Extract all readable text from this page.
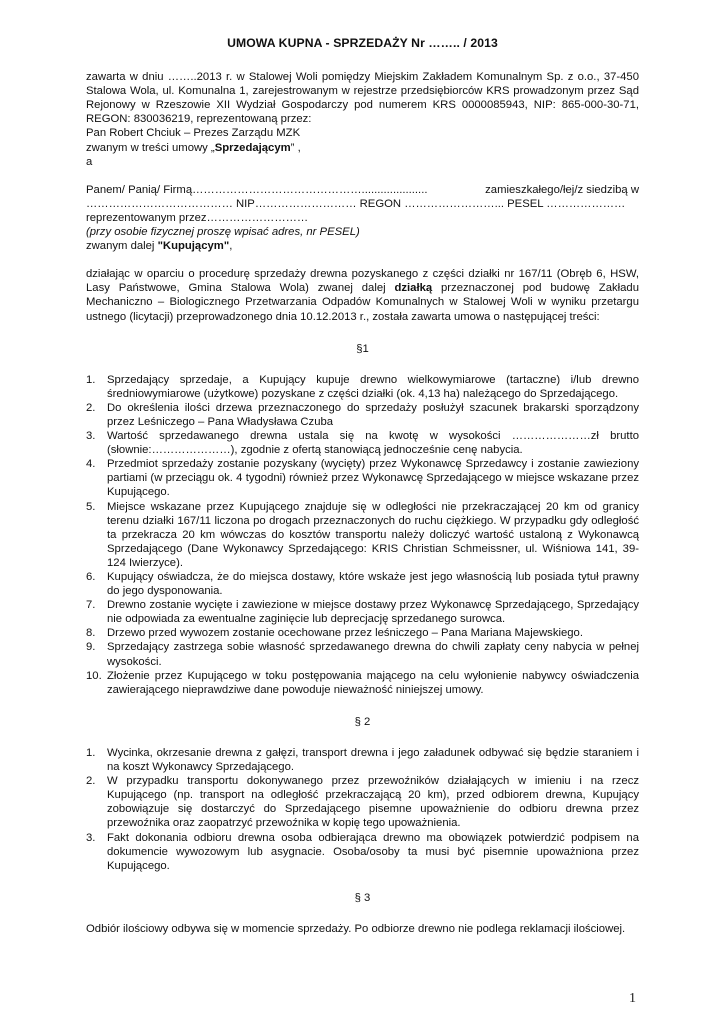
UMOWA KUPNA - SPRZEDAŻY Nr …….. / 2013

zawarta w dniu ……..2013 r. w Stalowej Woli pomiędzy Miejskim Zakładem Komunalnym Sp. z o.o., 37-450 Stalowa Wola, ul. Komunalna 1, zarejestrowanym w rejestrze przedsiębiorców KRS prowadzonym przez Sąd Rejonowy w Rzeszowie XII Wydział Gospodarczy pod numerem KRS 0000085943, NIP: 865-000-30-71, REGON: 830036219, reprezentowaną przez:

Pan Robert Chciuk – Prezes Zarządu MZK

zwanym w treści umowy „Sprzedającym” ,

a

Panem/ Panią/ Firmą……………………………………….....................	zamieszkałego/łej/z siedzibą w

………………………………… NIP……………………… REGON ……………………... PESEL …………………

reprezentowanym przez………………………

(przy osobie fizycznej proszę wpisać adres, nr PESEL)

zwanym dalej "Kupującym",

działając w oparciu o procedurę sprzedaży drewna pozyskanego z części działki nr 167/11 (Obręb 6, HSW, Lasy Państwowe, Gmina Stalowa Wola) zwanej dalej działką przeznaczonej pod budowę Zakładu Mechaniczno – Biologicznego Przetwarzania Odpadów Komunalnych w Stalowej Woli w wyniku przetargu ustnego (licytacji) przeprowadzonego dnia 10.12.2013 r., została zawarta umowa o następującej treści:

§1

1. Sprzedający sprzedaje, a Kupujący kupuje drewno wielkowymiarowe (tartaczne) i/lub drewno średniowymiarowe (użytkowe) pozyskane z części działki (ok. 4,13 ha) należącego do Sprzedającego.
2. Do określenia ilości drzewa przeznaczonego do sprzedaży posłużył szacunek brakarski sporządzony przez Leśniczego – Pana Władysława Czuba
3. Wartość sprzedawanego drewna ustala się na kwotę w wysokości …………………zł brutto (słownie:…………………), zgodnie z ofertą stanowiącą jednocześnie cenę nabycia.
4. Przedmiot sprzedaży zostanie pozyskany (wycięty) przez Wykonawcę Sprzedawcy i zostanie zawieziony partiami (w przeciągu ok. 4 tygodni) również przez Wykonawcę Sprzedającego w miejsce wskazane przez Kupującego.
5. Miejsce wskazane przez Kupującego znajduje się w odległości nie przekraczającej 20 km od granicy terenu działki 167/11 liczona po drogach przeznaczonych do ruchu ciężkiego. W przypadku gdy odległość ta przekracza 20 km wówczas do kosztów transportu należy doliczyć wartość ustaloną z Wykonawcą Sprzedającego (Dane Wykonawcy Sprzedającego: KRIS Christian Schmeissner, ul. Wiśniowa 141, 39-124 Iwierzyce).
6. Kupujący oświadcza, że do miejsca dostawy, które wskaże jest jego własnością lub posiada tytuł prawny do jego dysponowania.
7. Drewno zostanie wycięte i zawiezione w miejsce dostawy przez Wykonawcę Sprzedającego, Sprzedający nie odpowiada za ewentualne zaginięcie lub deprecjację sprzedanego surowca.
8. Drzewo przed wywozem zostanie ocechowane przez leśniczego – Pana Mariana Majewskiego.
9. Sprzedający zastrzega sobie własność sprzedawanego drewna do chwili zapłaty ceny nabycia w pełnej wysokości.
10. Złożenie przez Kupującego w toku postępowania mającego na celu wyłonienie nabywcy oświadczenia zawierającego nieprawdziwe dane powoduje nieważność niniejszej umowy.

§ 2

1. Wycinka, okrzesanie drewna z gałęzi, transport drewna i jego załadunek odbywać się będzie staraniem i na koszt Wykonawcy Sprzedającego.
2. W przypadku transportu dokonywanego przez przewoźników działających w imieniu i na rzecz Kupującego (np. transport na odległość przekraczającą 20 km), przed odbiorem drewna, Kupujący zobowiązuje się dostarczyć do Sprzedającego pisemne upoważnienie do odbioru drewna przez przewoźnika oraz zaopatrzyć przewoźnika w kopię tego upoważnienia.
3. Fakt dokonania odbioru drewna osoba odbierająca drewno ma obowiązek potwierdzić podpisem na dokumencie wywozowym lub asygnacie. Osoba/osoby ta musi być pisemnie upoważniona przez Kupującego.

§ 3

Odbiór ilościowy odbywa się w momencie sprzedaży. Po odbiorze drewno nie podlega reklamacji ilościowej.

1
